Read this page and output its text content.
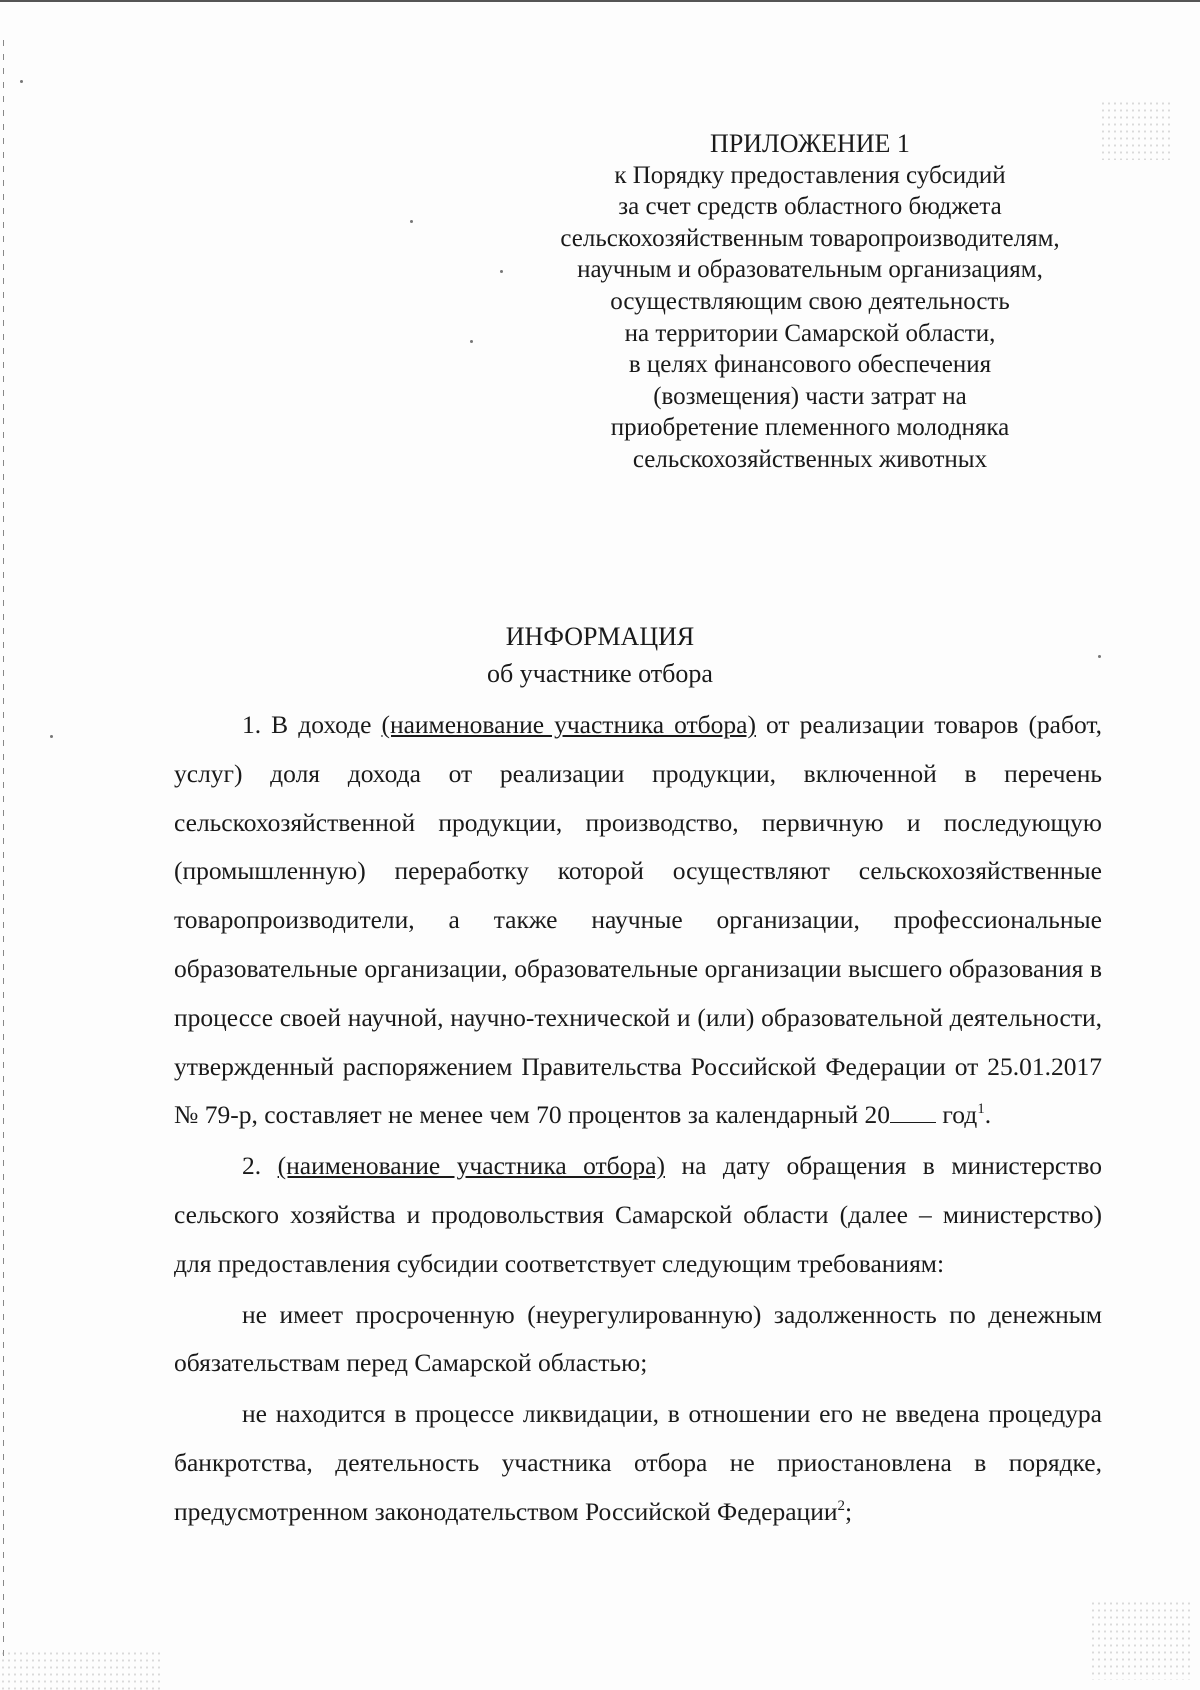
ПРИЛОЖЕНИЕ 1
к Порядку предоставления субсидий
за счет средств областного бюджета
сельскохозяйственным товаропроизводителям,
научным и образовательным организациям,
осуществляющим свою деятельность
на территории Самарской области,
в целях финансового обеспечения
(возмещения) части затрат на
приобретение племенного молодняка
сельскохозяйственных животных
ИНФОРМАЦИЯ
об участнике отбора

1. В доходе (наименование участника отбора) от реализации товаров (работ, услуг) доля дохода от реализации продукции, включенной в перечень сельскохозяйственной продукции, производство, первичную и последующую (промышленную) переработку которой осуществляют сельскохозяйственные товаропроизводители, а также научные организации, профессиональные образовательные организации, образовательные организации высшего образования в процессе своей научной, научно-технической и (или) образовательной деятельности, утвержденный распоряжением Правительства Российской Федерации от 25.01.2017 № 79-р, составляет не менее чем 70 процентов за календарный 20 год$^1$.

2. (наименование участника отбора) на дату обращения в министерство сельского хозяйства и продовольствия Самарской области (далее – министерство) для предоставления субсидии соответствует следующим требованиям:

не имеет просроченную (неурегулированную) задолженность по денежным обязательствам перед Самарской областью;

не находится в процессе ликвидации, в отношении его не введена процедура банкротства, деятельность участника отбора не приостановлена в порядке, предусмотренном законодательством Российской Федерации$^2$;
